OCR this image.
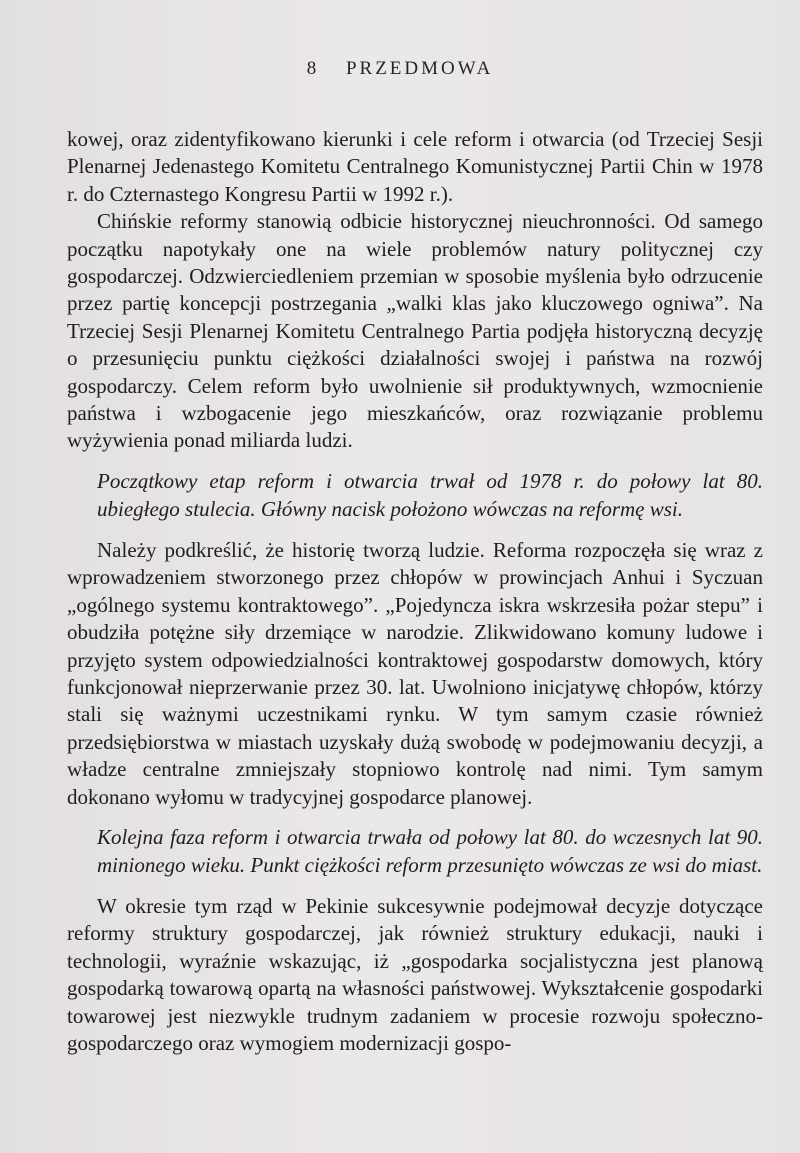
8 PRZEDMOWA

kowej, oraz zidentyfikowano kierunki i cele reform i otwarcia (od Trzeciej Sesji Plenarnej Jedenastego Komitetu Centralnego Komunistycznej Partii Chin w 1978 r. do Czternastego Kongresu Partii w 1992 r.).

Chińskie reformy stanowią odbicie historycznej nieuchronności. Od samego początku napotykały one na wiele problemów natury politycznej czy gospodarczej. Odzwierciedleniem przemian w sposobie myślenia było odrzucenie przez partię koncepcji postrzegania „walki klas jako kluczowego ogniwa”. Na Trzeciej Sesji Plenarnej Komitetu Centralnego Partia podjęła historyczną decyzję o przesunięciu punktu ciężkości działalności swojej i państwa na rozwój gospodarczy. Celem reform było uwolnienie sił produktywnych, wzmocnienie państwa i wzbogacenie jego mieszkańców, oraz rozwiązanie problemu wyżywienia ponad miliarda ludzi.

Początkowy etap reform i otwarcia trwał od 1978 r. do połowy lat 80. ubiegłego stulecia. Główny nacisk położono wówczas na reformę wsi.

Należy podkreślić, że historię tworzą ludzie. Reforma rozpoczęła się wraz z wprowadzeniem stworzonego przez chłopów w prowincjach Anhui i Syczuan „ogólnego systemu kontraktowego”. „Pojedyncza iskra wskrzesiła pożar stepu” i obudziła potężne siły drzemiące w narodzie. Zlikwidowano komuny ludowe i przyjęto system odpowiedzialności kontraktowej gospodarstw domowych, który funkcjonował nieprzerwanie przez 30. lat. Uwolniono inicjatywę chłopów, którzy stali się ważnymi uczestnikami rynku. W tym samym czasie również przedsiębiorstwa w miastach uzyskały dużą swobodę w podejmowaniu decyzji, a władze centralne zmniejszały stopniowo kontrolę nad nimi. Tym samym dokonano wyłomu w tradycyjnej gospodarce planowej.

Kolejna faza reform i otwarcia trwała od połowy lat 80. do wczesnych lat 90. minionego wieku. Punkt ciężkości reform przesunięto wówczas ze wsi do miast.

W okresie tym rząd w Pekinie sukcesywnie podejmował decyzje dotyczące reformy struktury gospodarczej, jak również struktury edukacji, nauki i technologii, wyraźnie wskazując, iż „gospodarka socjalistyczna jest planową gospodarką towarową opartą na własności państwowej. Wykształcenie gospodarki towarowej jest niezwykle trudnym zadaniem w procesie rozwoju społeczno-gospodarczego oraz wymogiem modernizacji gospo-
